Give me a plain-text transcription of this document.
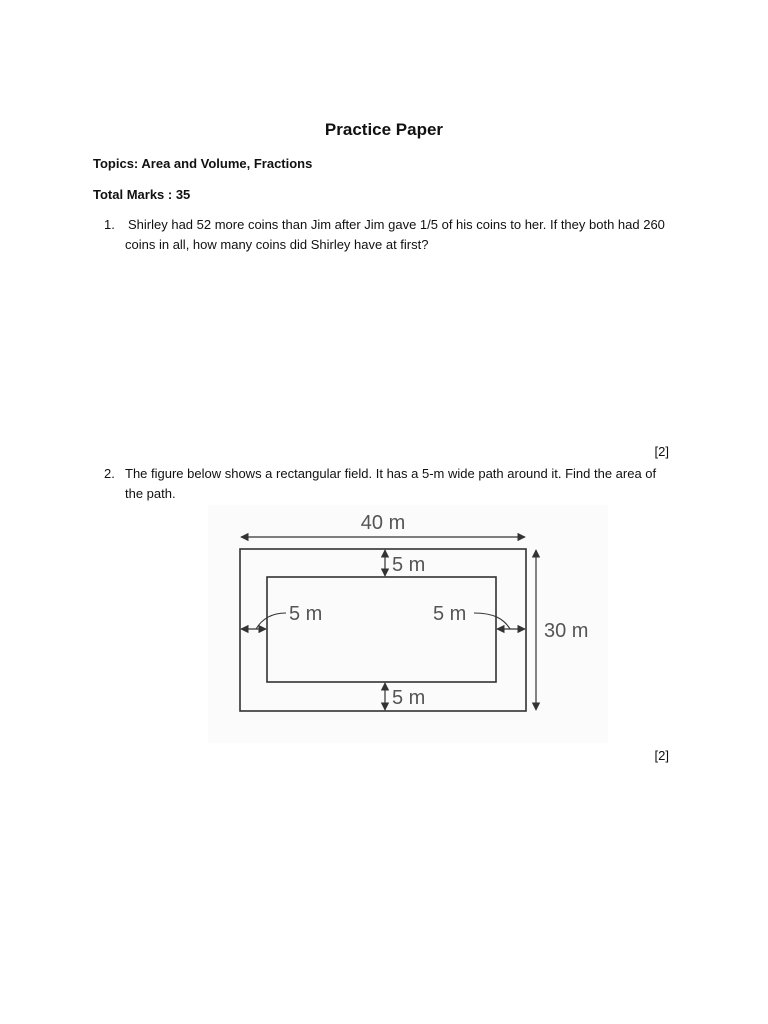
Practice Paper
Topics: Area and Volume, Fractions
Total Marks : 35
1. Shirley had 52 more coins than Jim after Jim gave 1/5 of his coins to her. If they both had 260 coins in all, how many coins did Shirley have at first?
[2]
2. The figure below shows a rectangular field. It has a 5-m wide path around it. Find the area of the path.
40 m
30 m
5 m
5 m
5 m	5 m
[2]
